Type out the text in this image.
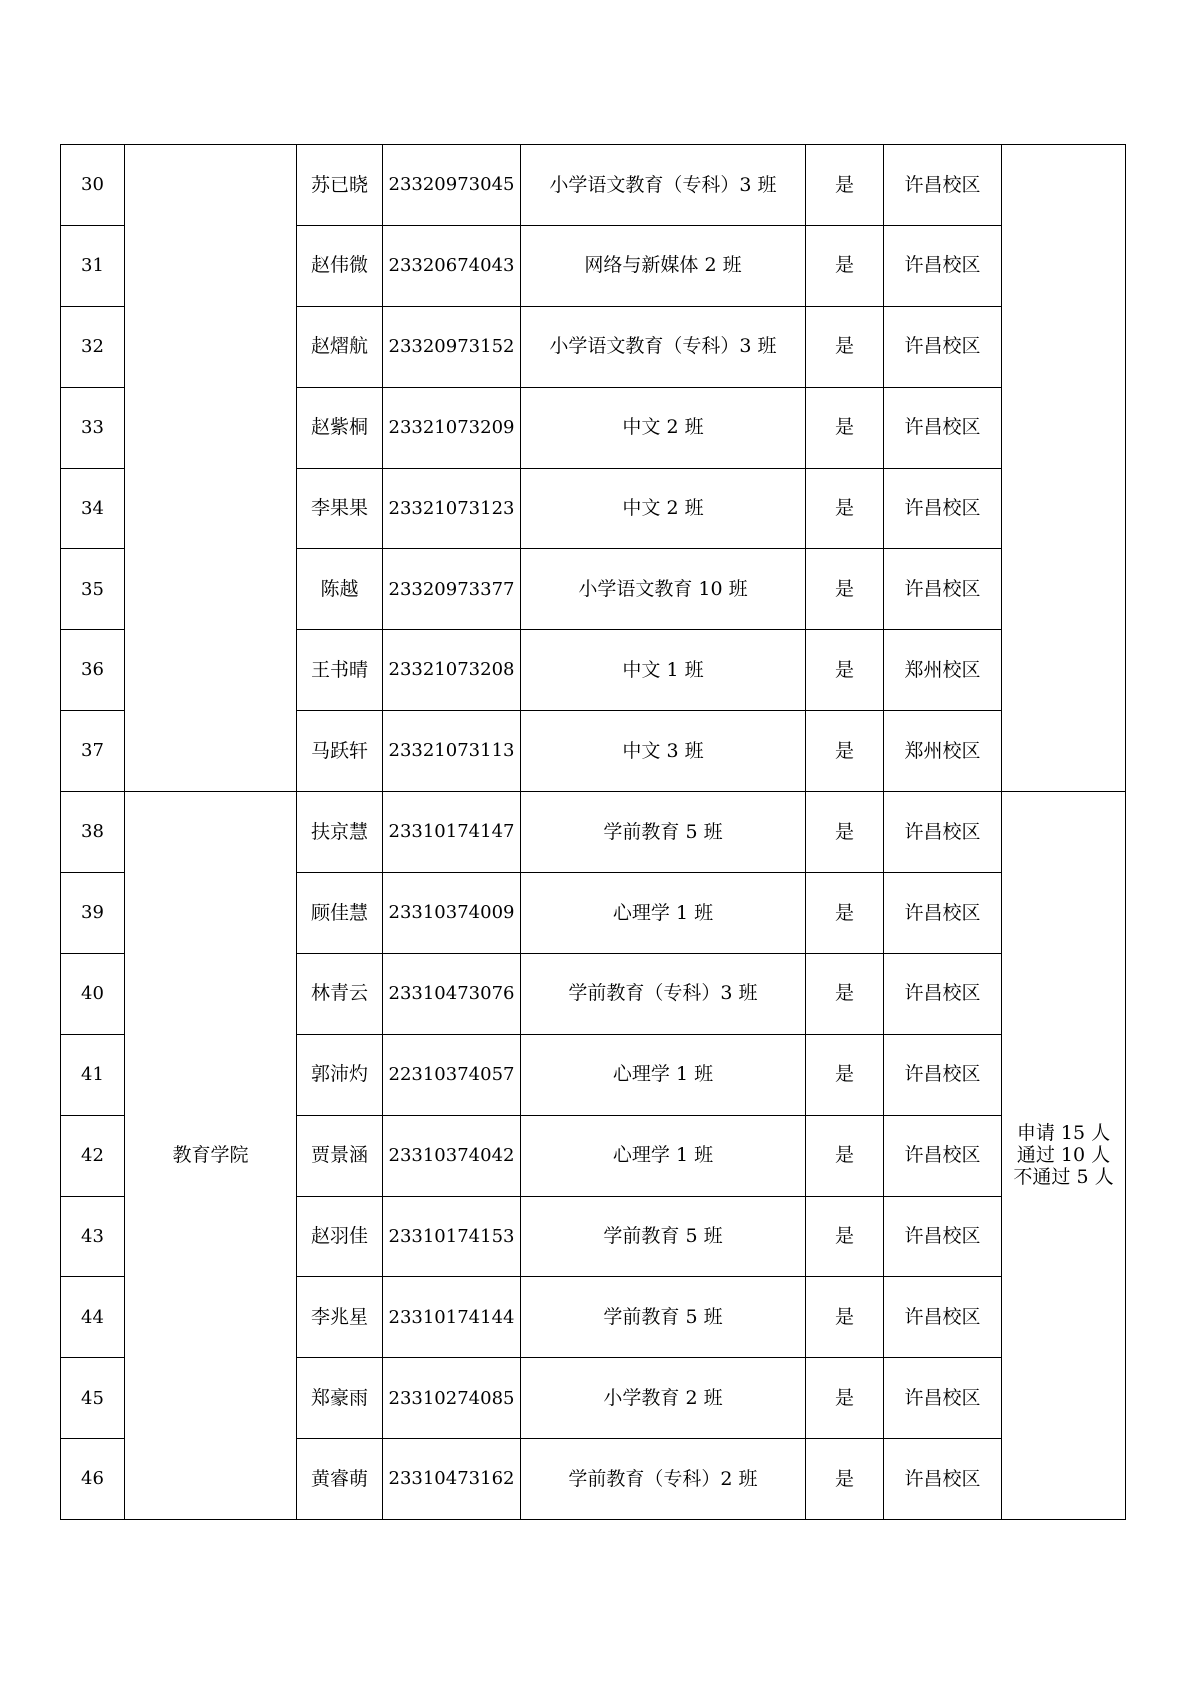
30		苏已晓	23320973045	小学语文教育（专科）3 班	是	许昌校区	
31		赵伟微	23320674043	网络与新媒体 2 班	是	许昌校区	
32		赵熠航	23320973152	小学语文教育（专科）3 班	是	许昌校区	
33		赵紫桐	23321073209	中文 2 班	是	许昌校区	
34		李果果	23321073123	中文 2 班	是	许昌校区	
35		陈越	23320973377	小学语文教育 10 班	是	许昌校区	
36		王书晴	23321073208	中文 1 班	是	郑州校区	
37		马跃轩	23321073113	中文 3 班	是	郑州校区	
38	教育学院	扶京慧	23310174147	学前教育 5 班	是	许昌校区	申请 15 人
通过 10 人
不通过 5 人

39		顾佳慧	23310374009	心理学 1 班	是	许昌校区	
40		林青云	23310473076	学前教育（专科）3 班	是	许昌校区	
41		郭沛灼	22310374057	心理学 1 班	是	许昌校区	
42		贾景涵	23310374042	心理学 1 班	是	许昌校区	
43		赵羽佳	23310174153	学前教育 5 班	是	许昌校区	
44		李兆星	23310174144	学前教育 5 班	是	许昌校区	
45		郑豪雨	23310274085	小学教育 2 班	是	许昌校区	
46		黄睿萌	23310473162	学前教育（专科）2 班	是	许昌校区	
